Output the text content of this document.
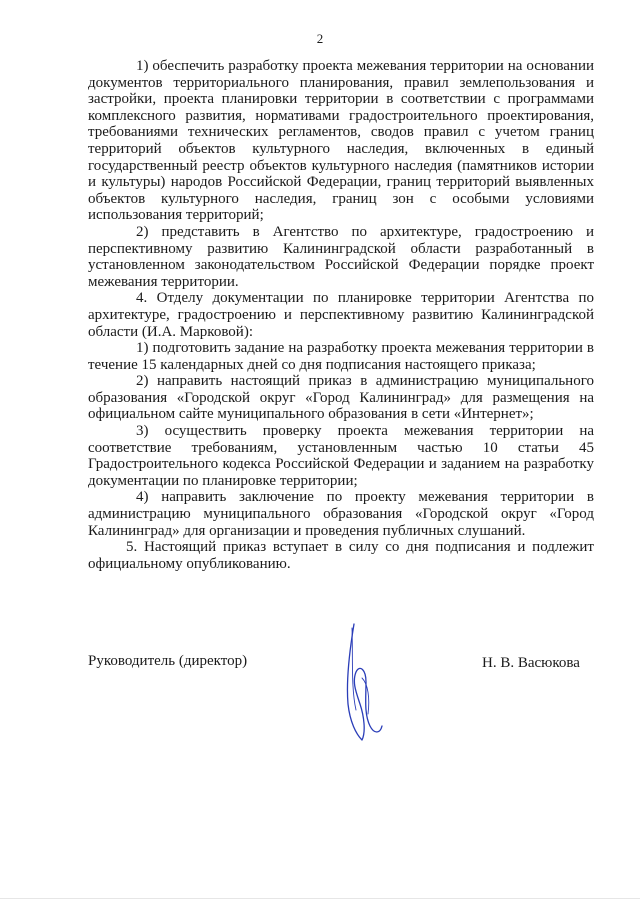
2

1) обеспечить разработку проекта межевания территории на основании документов территориального планирования, правил землепользования и застройки, проекта планировки территории в соответствии с программами комплексного развития, нормативами градостроительного проектирования, требованиями технических регламентов, сводов правил с учетом границ территорий объектов культурного наследия, включенных в единый государственный реестр объектов культурного наследия (памятников истории и культуры) народов Российской Федерации, границ территорий выявленных объектов культурного наследия, границ зон с особыми условиями использования территорий;

2) представить в Агентство по архитектуре, градостроению и перспективному развитию Калининградской области разработанный в установленном законодательством Российской Федерации порядке проект межевания территории.

4. Отделу документации по планировке территории Агентства по архитектуре, градостроению и перспективному развитию Калининградской области (И.А. Марковой):

1) подготовить задание на разработку проекта межевания территории в течение 15 календарных дней со дня подписания настоящего приказа;

2) направить настоящий приказ в администрацию муниципального образования «Городской округ «Город Калининград» для размещения на официальном сайте муниципального образования в сети «Интернет»;

3) осуществить проверку проекта межевания территории на соответствие требованиям, установленным частью 10 статьи 45 Градостроительного кодекса Российской Федерации и заданием на разработку документации по планировке территории;

4) направить заключение по проекту межевания территории в администрацию муниципального образования «Городской округ «Город Калининград» для организации и проведения публичных слушаний.

5. Настоящий приказ вступает в силу со дня подписания и подлежит официальному опубликованию.

Руководитель (директор)	Н. В. Васюкова
